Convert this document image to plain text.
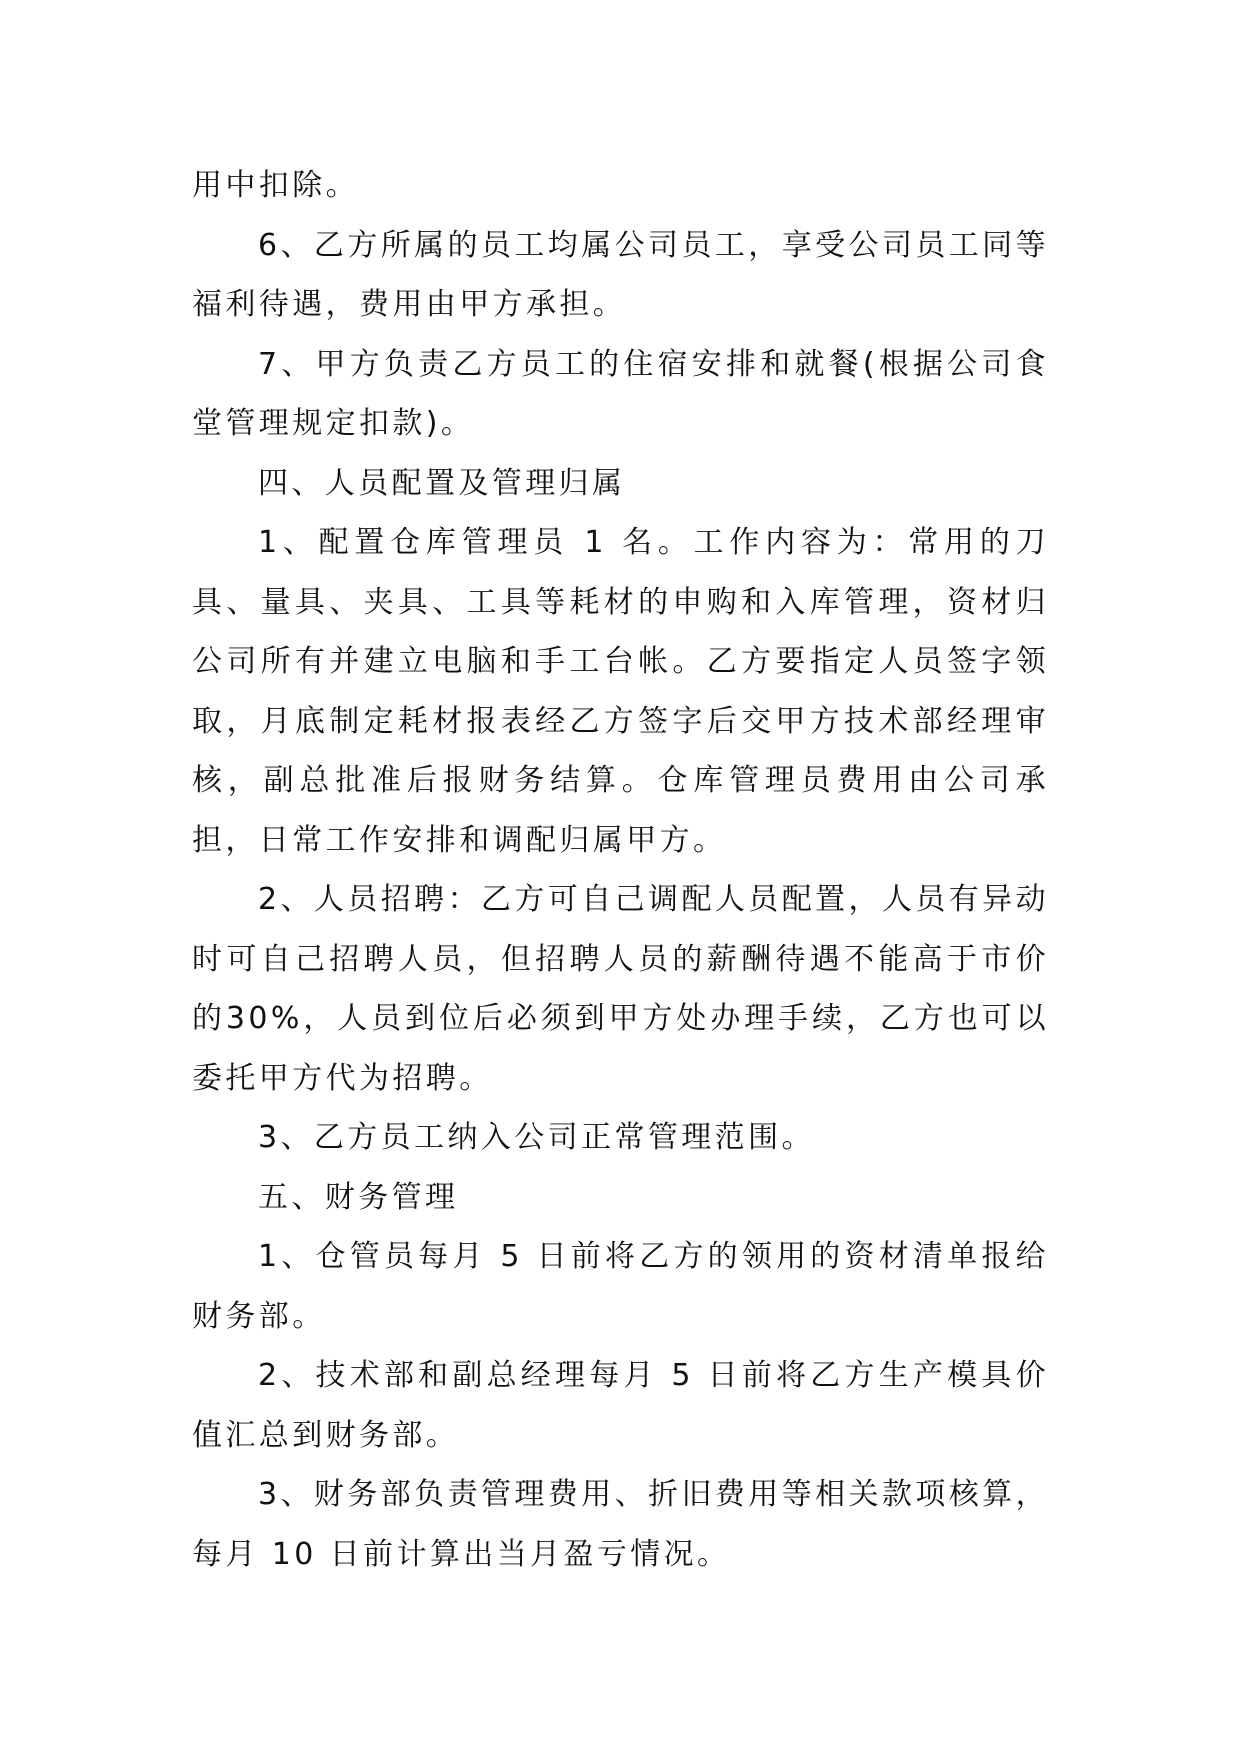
用中扣除。

6、乙方所属的员工均属公司员工，享受公司员工同等福利待遇，费用由甲方承担。

7、甲方负责乙方员工的住宿安排和就餐(根据公司食堂管理规定扣款)。

四、人员配置及管理归属

1、配置仓库管理员 1 名。工作内容为：常用的刀具、量具、夹具、工具等耗材的申购和入库管理，资材归公司所有并建立电脑和手工台帐。乙方要指定人员签字领取，月底制定耗材报表经乙方签字后交甲方技术部经理审核，副总批准后报财务结算。仓库管理员费用由公司承担，日常工作安排和调配归属甲方。

2、人员招聘：乙方可自己调配人员配置，人员有异动时可自己招聘人员，但招聘人员的薪酬待遇不能高于市价的30%，人员到位后必须到甲方处办理手续，乙方也可以委托甲方代为招聘。

3、乙方员工纳入公司正常管理范围。

五、财务管理

1、仓管员每月 5 日前将乙方的领用的资材清单报给财务部。

2、技术部和副总经理每月 5 日前将乙方生产模具价值汇总到财务部。

3、财务部负责管理费用、折旧费用等相关款项核算，每月 10 日前计算出当月盈亏情况。
